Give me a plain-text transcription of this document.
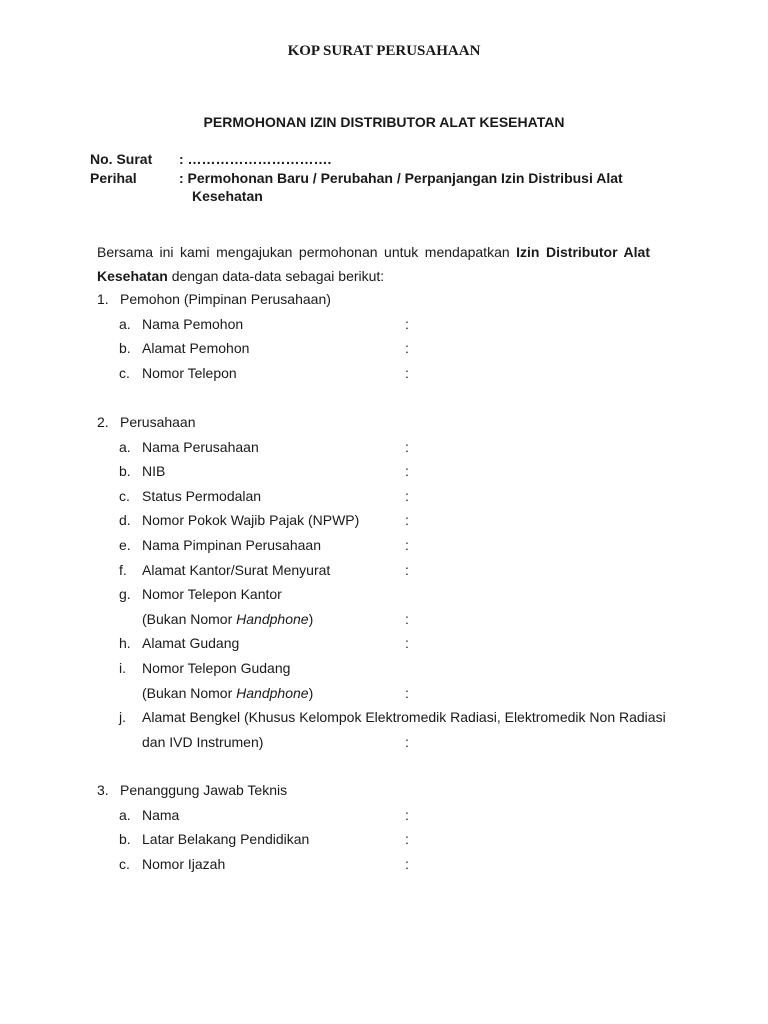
KOP SURAT PERUSAHAAN
PERMOHONAN IZIN DISTRIBUTOR ALAT KESEHATAN
No. Surat : ………………………….
Perihal	: Permohonan Baru / Perubahan / Perpanjangan Izin Distribusi Alat
Kesehatan
Bersama ini kami mengajukan permohonan untuk mendapatkan Izin Distributor Alat
Kesehatan dengan data-data sebagai berikut:
1. Pemohon (Pimpinan Perusahaan)
a. Nama Pemohon	:
b. Alamat Pemohon	:
c. Nomor Telepon	:
2. Perusahaan
a. Nama Perusahaan	:
b. NIB	:
c. Status Permodalan	:
d. Nomor Pokok Wajib Pajak (NPWP)	:
e. Nama Pimpinan Perusahaan	:
f. Alamat Kantor/Surat Menyurat	:
g. Nomor Telepon Kantor
(Bukan Nomor Handphone)	:
h. Alamat Gudang	:
i. Nomor Telepon Gudang
(Bukan Nomor Handphone)	:
j. Alamat Bengkel (Khusus Kelompok Elektromedik Radiasi, Elektromedik Non Radiasi
dan IVD Instrumen)	:
3. Penanggung Jawab Teknis
a. Nama	:
b. Latar Belakang Pendidikan	:
c. Nomor Ijazah	:
